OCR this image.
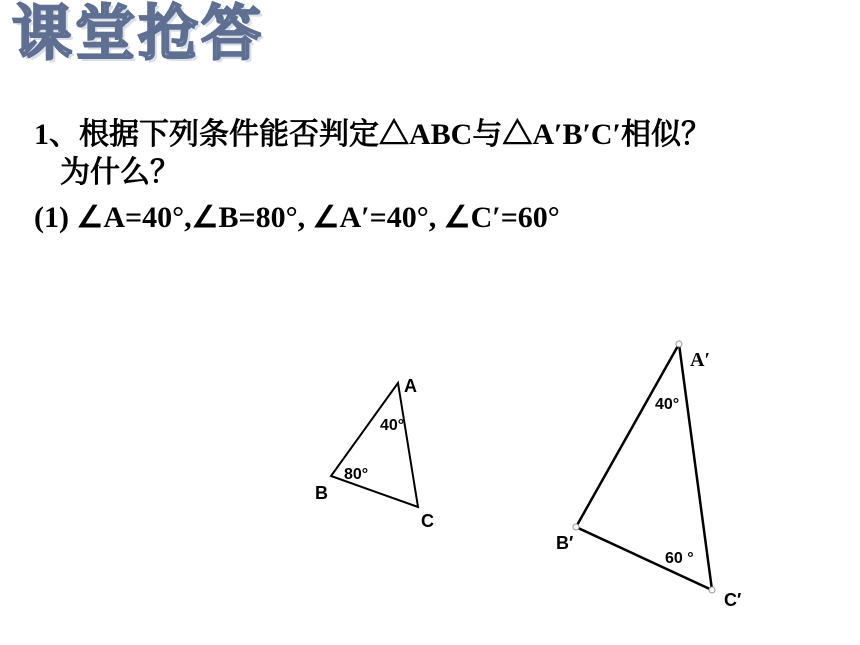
课堂抢答
1、根据下列条件能否判定△ABC与△A′B′C′相似？
为什么？
(1) ∠A=40°,∠B=80°, ∠A′=40°, ∠C′=60°
A
B
C
40°
80°
A′
B′
C′
40°
60 °
